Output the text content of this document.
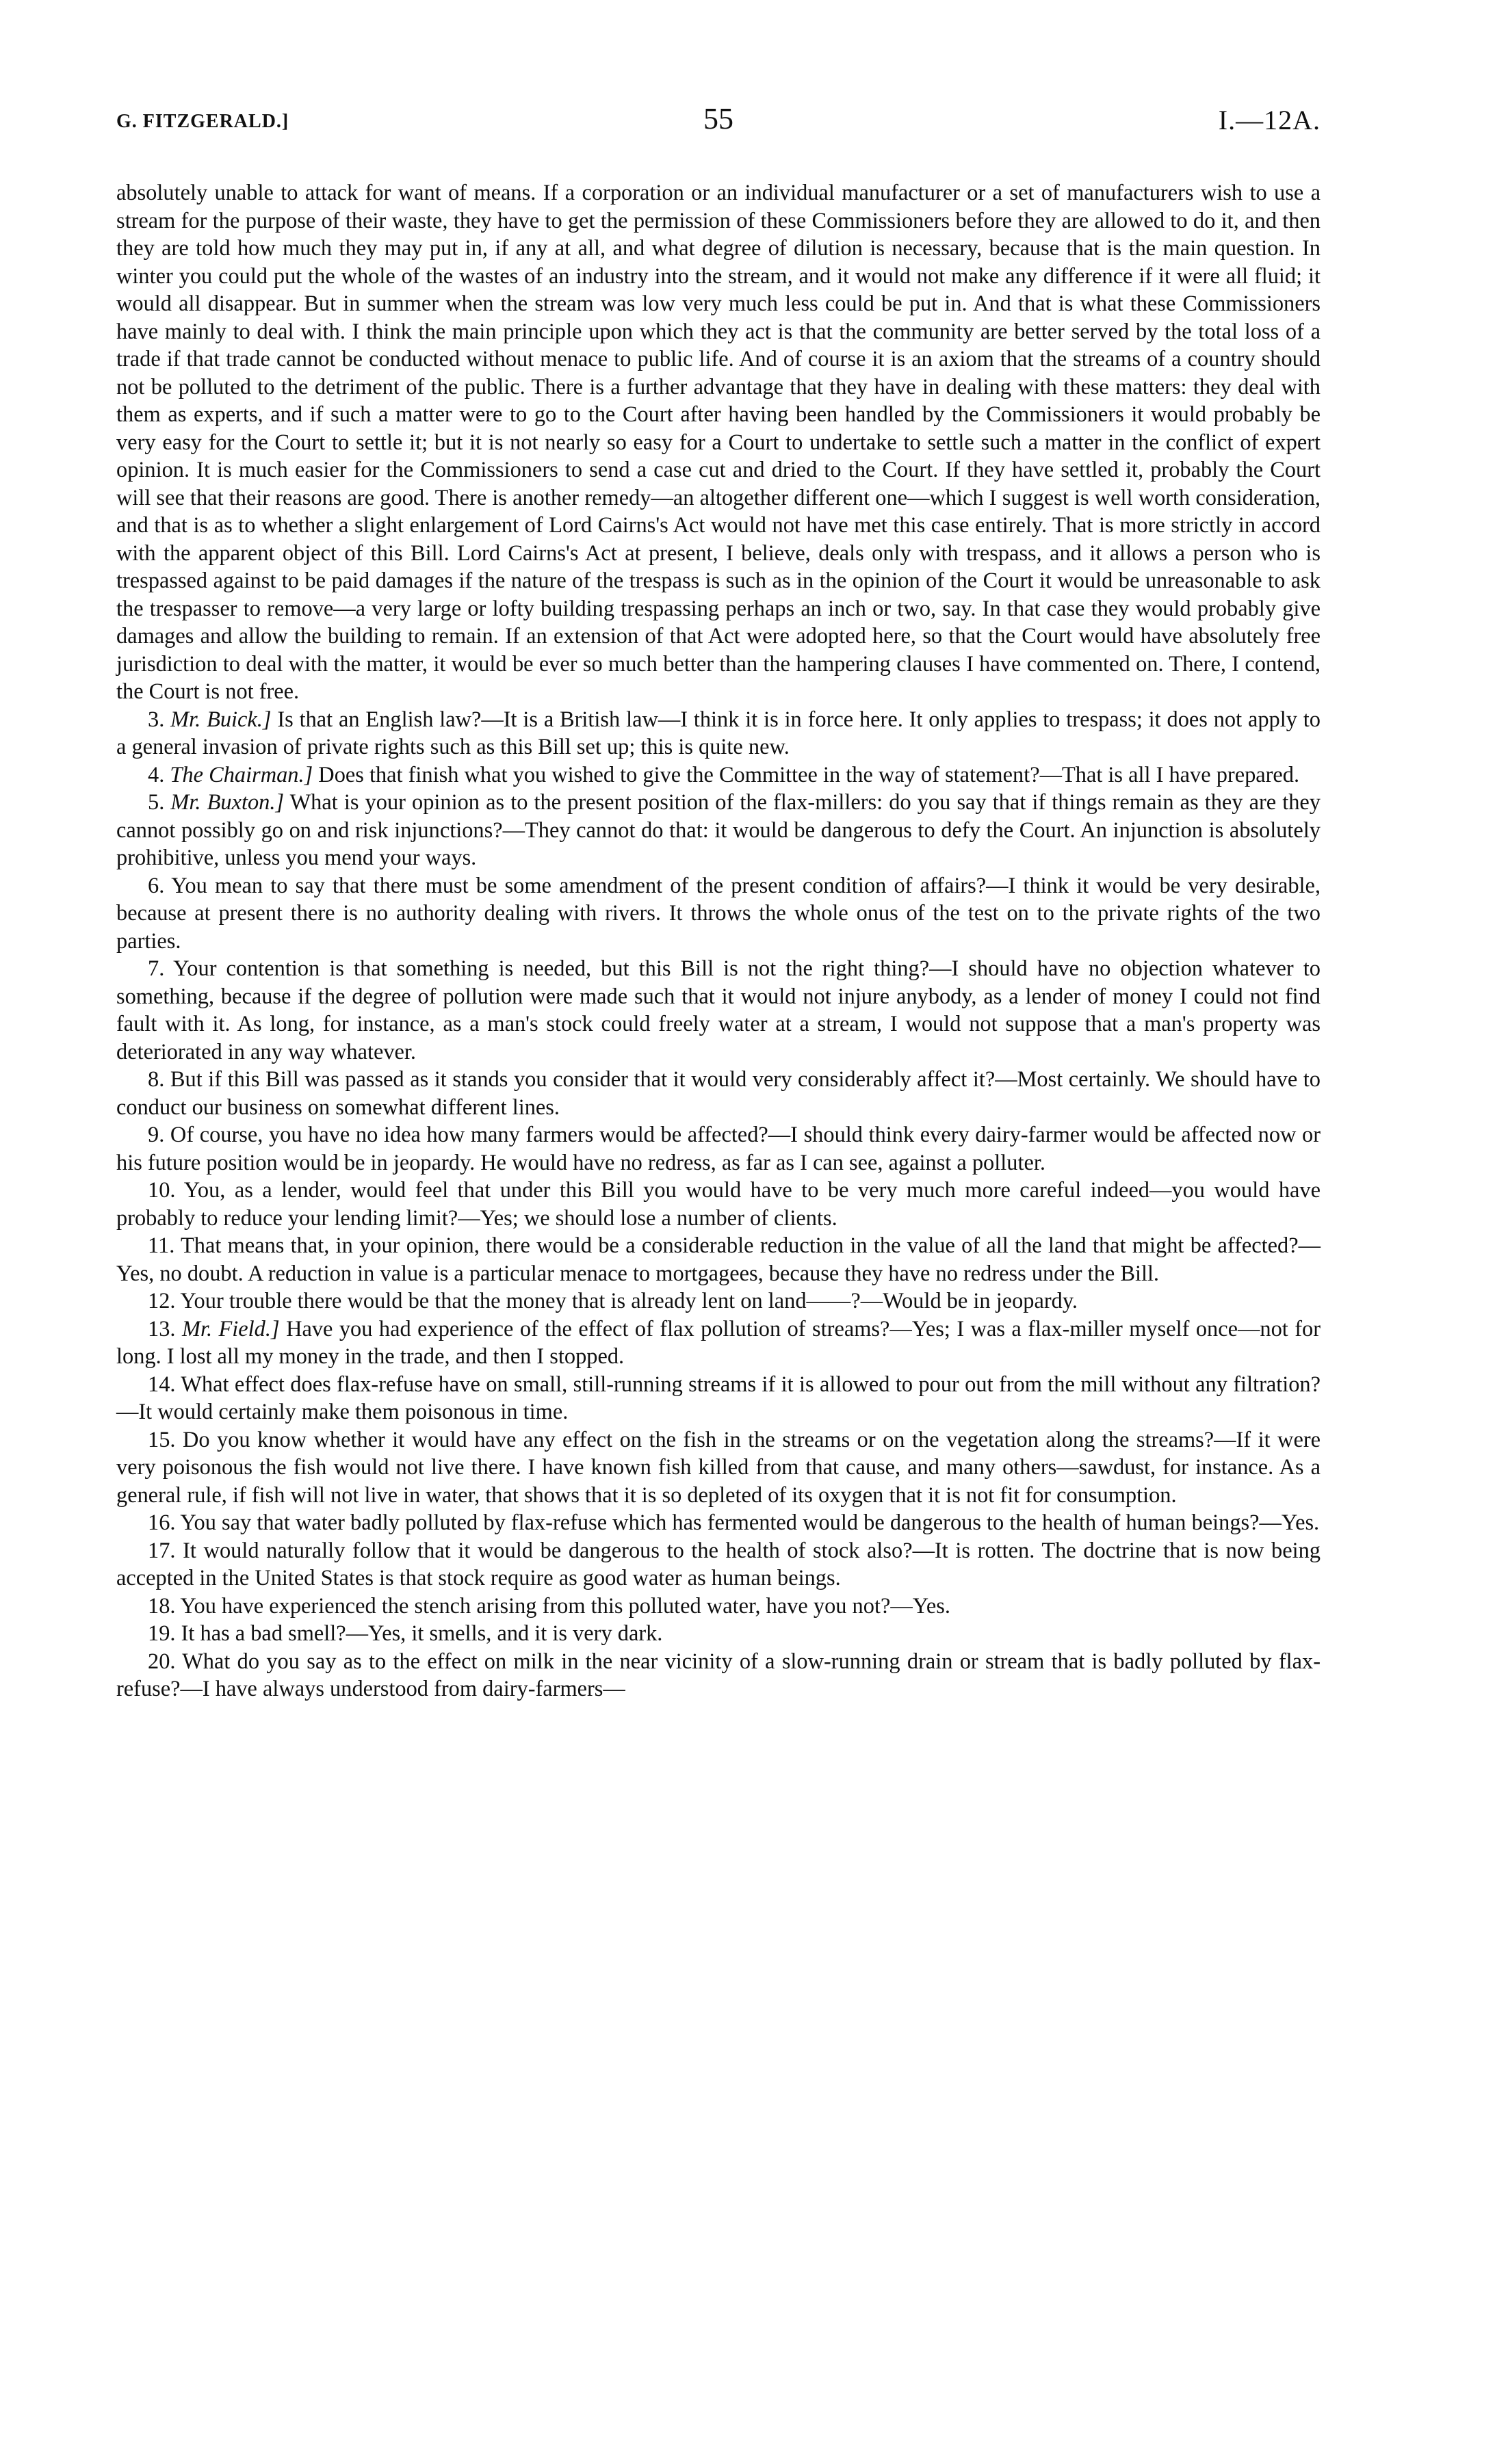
G. FITZGERALD.]	55	I.—12A.

absolutely unable to attack for want of means. If a corporation or an individual manufacturer or a set of manufacturers wish to use a stream for the purpose of their waste, they have to get the permission of these Commissioners before they are allowed to do it, and then they are told how much they may put in, if any at all, and what degree of dilution is necessary, because that is the main question. In winter you could put the whole of the wastes of an industry into the stream, and it would not make any difference if it were all fluid; it would all disappear. But in summer when the stream was low very much less could be put in. And that is what these Commissioners have mainly to deal with. I think the main principle upon which they act is that the community are better served by the total loss of a trade if that trade cannot be conducted without menace to public life. And of course it is an axiom that the streams of a country should not be polluted to the detriment of the public. There is a further advantage that they have in dealing with these matters: they deal with them as experts, and if such a matter were to go to the Court after having been handled by the Commissioners it would probably be very easy for the Court to settle it; but it is not nearly so easy for a Court to undertake to settle such a matter in the conflict of expert opinion. It is much easier for the Commissioners to send a case cut and dried to the Court. If they have settled it, probably the Court will see that their reasons are good. There is another remedy—an altogether different one—which I suggest is well worth consideration, and that is as to whether a slight enlargement of Lord Cairns's Act would not have met this case entirely. That is more strictly in accord with the apparent object of this Bill. Lord Cairns's Act at present, I believe, deals only with trespass, and it allows a person who is trespassed against to be paid damages if the nature of the trespass is such as in the opinion of the Court it would be unreasonable to ask the trespasser to remove—a very large or lofty building trespassing perhaps an inch or two, say. In that case they would probably give damages and allow the building to remain. If an extension of that Act were adopted here, so that the Court would have absolutely free jurisdiction to deal with the matter, it would be ever so much better than the hampering clauses I have commented on. There, I contend, the Court is not free.

3. Mr. Buick.] Is that an English law?—It is a British law—I think it is in force here. It only applies to trespass; it does not apply to a general invasion of private rights such as this Bill set up; this is quite new.

4. The Chairman.] Does that finish what you wished to give the Committee in the way of statement?—That is all I have prepared.

5. Mr. Buxton.] What is your opinion as to the present position of the flax-millers: do you say that if things remain as they are they cannot possibly go on and risk injunctions?—They cannot do that: it would be dangerous to defy the Court. An injunction is absolutely prohibitive, unless you mend your ways.

6. You mean to say that there must be some amendment of the present condition of affairs?—I think it would be very desirable, because at present there is no authority dealing with rivers. It throws the whole onus of the test on to the private rights of the two parties.

7. Your contention is that something is needed, but this Bill is not the right thing?—I should have no objection whatever to something, because if the degree of pollution were made such that it would not injure anybody, as a lender of money I could not find fault with it. As long, for instance, as a man's stock could freely water at a stream, I would not suppose that a man's property was deteriorated in any way whatever.

8. But if this Bill was passed as it stands you consider that it would very considerably affect it?—Most certainly. We should have to conduct our business on somewhat different lines.

9. Of course, you have no idea how many farmers would be affected?—I should think every dairy-farmer would be affected now or his future position would be in jeopardy. He would have no redress, as far as I can see, against a polluter.

10. You, as a lender, would feel that under this Bill you would have to be very much more careful indeed—you would have probably to reduce your lending limit?—Yes; we should lose a number of clients.

11. That means that, in your opinion, there would be a considerable reduction in the value of all the land that might be affected?—Yes, no doubt. A reduction in value is a particular menace to mortgagees, because they have no redress under the Bill.

12. Your trouble there would be that the money that is already lent on land——?—Would be in jeopardy.

13. Mr. Field.] Have you had experience of the effect of flax pollution of streams?—Yes; I was a flax-miller myself once—not for long. I lost all my money in the trade, and then I stopped.

14. What effect does flax-refuse have on small, still-running streams if it is allowed to pour out from the mill without any filtration?—It would certainly make them poisonous in time.

15. Do you know whether it would have any effect on the fish in the streams or on the vegetation along the streams?—If it were very poisonous the fish would not live there. I have known fish killed from that cause, and many others—sawdust, for instance. As a general rule, if fish will not live in water, that shows that it is so depleted of its oxygen that it is not fit for consumption.

16. You say that water badly polluted by flax-refuse which has fermented would be dangerous to the health of human beings?—Yes.

17. It would naturally follow that it would be dangerous to the health of stock also?—It is rotten. The doctrine that is now being accepted in the United States is that stock require as good water as human beings.

18. You have experienced the stench arising from this polluted water, have you not?—Yes.

19. It has a bad smell?—Yes, it smells, and it is very dark.

20. What do you say as to the effect on milk in the near vicinity of a slow-running drain or stream that is badly polluted by flax-refuse?—I have always understood from dairy-farmers—
